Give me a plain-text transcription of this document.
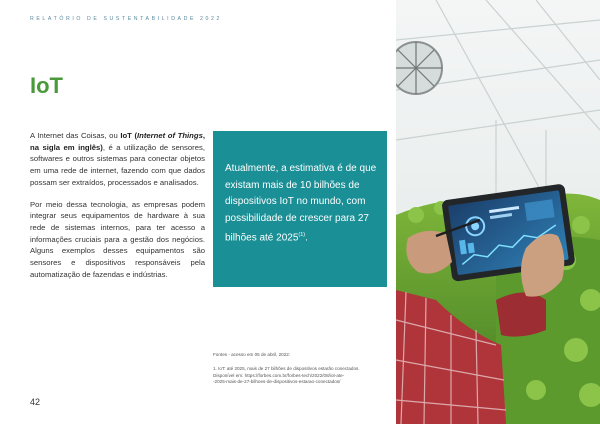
RELATÓRIO DE SUSTENTABILIDADE 2022
IoT

A Internet das Coisas, ou IoT (Internet of Things, na sigla em inglês), é a utilização de sensores, softwares e outros sistemas para conectar objetos em uma rede de internet, fazendo com que dados possam ser extraídos, processados e analisados.

Por meio dessa tecnologia, as empresas podem integrar seus equipamentos de hardware à sua rede de sistemas internos, para ter acesso a informações cruciais para a gestão dos negócios. Alguns exemplos desses equipamentos são sensores e dispositivos responsáveis pela automatização de fazendas e indústrias.

Atualmente, a estimativa é de que existam mais de 10 bilhões de dispositivos IoT no mundo, com possibilidade de crescer para 27 bilhões até 2025$^{(1)}$.
Fontes - acesso em 05 de abril, 2022:
1. IoT: até 2025, mais de 27 bilhões de dispositivos estarão conectados.
Disponível em: https://forbes.com.br/forbes-tech/2022/08/iot-ate-
-2025-mais-de-27-bilhoes-de-dispositivos-estarao-conectados/
42
